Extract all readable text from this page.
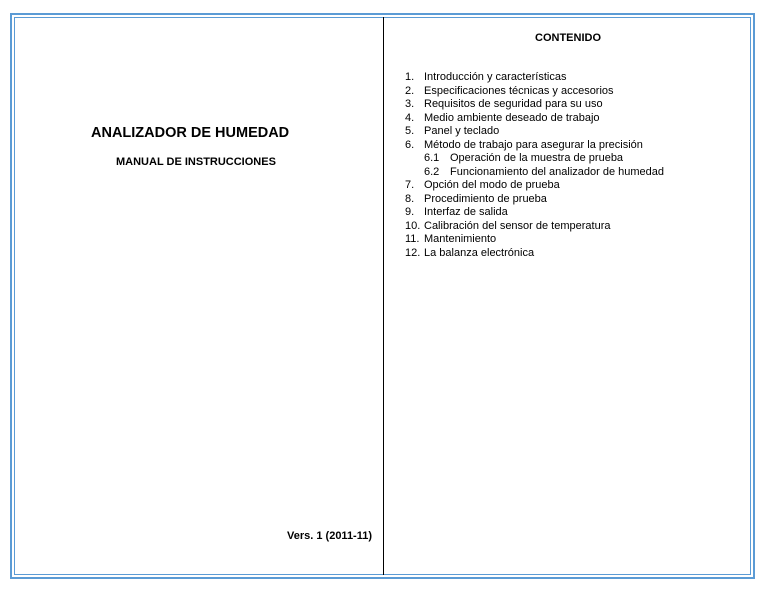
ANALIZADOR DE HUMEDAD
MANUAL DE INSTRUCCIONES
Vers. 1 (2011-11)
CONTENIDO
1. Introducción y características
2. Especificaciones técnicas y accesorios
3. Requisitos de seguridad para su uso
4. Medio ambiente deseado de trabajo
5. Panel y teclado
6. Método de trabajo para asegurar la precisión
6.1 Operación de la muestra de prueba
6.2 Funcionamiento del analizador de humedad
7. Opción del modo de prueba
8. Procedimiento de prueba
9. Interfaz de salida
10. Calibración del sensor de temperatura
11. Mantenimiento
12. La balanza electrónica
